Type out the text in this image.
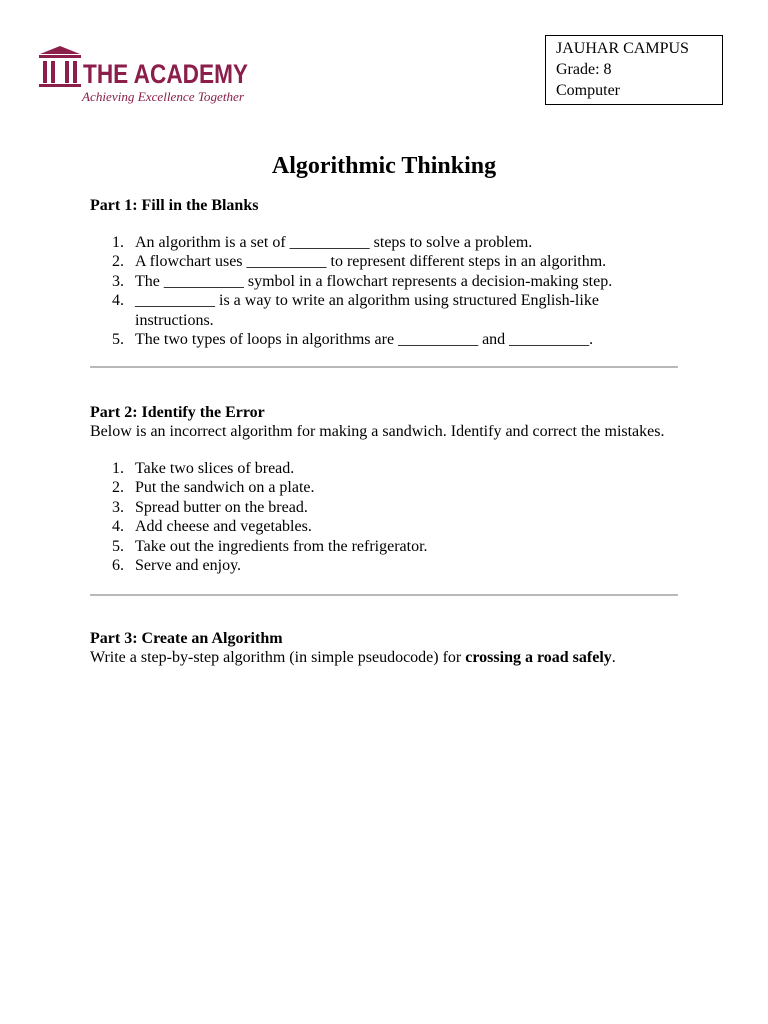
THE ACADEMY
Achieving Excellence Together
JAUHAR CAMPUS
Grade: 8
Computer
Algorithmic Thinking

Part 1: Fill in the Blanks

1. An algorithm is a set of __________ steps to solve a problem.
2. A flowchart uses __________ to represent different steps in an algorithm.
3. The __________ symbol in a flowchart represents a decision-making step.
4. __________ is a way to write an algorithm using structured English-like instructions.
5. The two types of loops in algorithms are __________ and __________.

Part 2: Identify the Error

Below is an incorrect algorithm for making a sandwich. Identify and correct the mistakes.

1. Take two slices of bread.
2. Put the sandwich on a plate.
3. Spread butter on the bread.
4. Add cheese and vegetables.
5. Take out the ingredients from the refrigerator.
6. Serve and enjoy.

Part 3: Create an Algorithm

Write a step-by-step algorithm (in simple pseudocode) for crossing a road safely.
